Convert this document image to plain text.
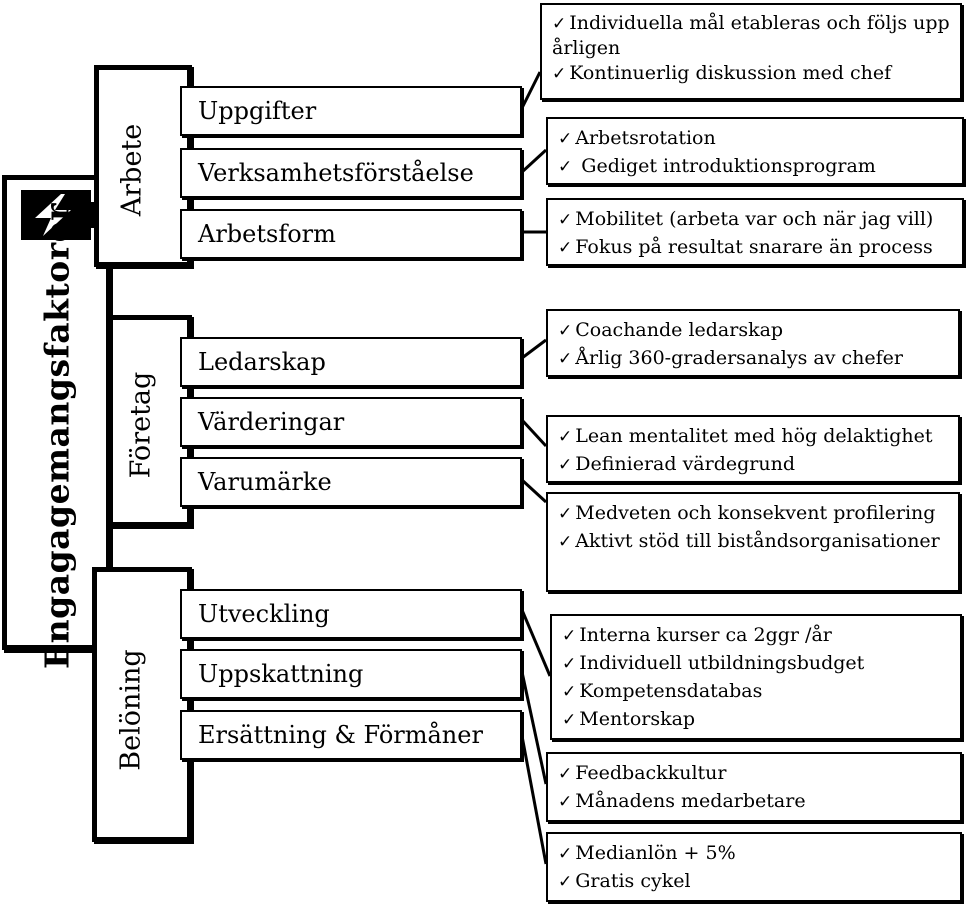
Engagagemangsfaktorer
Arbete
Företag
Belöning
Uppgifter
Verksamhetsförståelse
Arbetsform
Ledarskap
Värderingar
Varumärke
Utveckling
Uppskattning
Ersättning & Förmåner
✓ Individuella mål etableras och följs upp årligen
✓ Kontinuerlig diskussion med chef
✓ Arbetsrotation
✓ Gediget introduktionsprogram
✓ Mobilitet (arbeta var och när jag vill)
✓ Fokus på resultat snarare än process
✓ Coachande ledarskap
✓ Årlig 360-gradersanalys av chefer
✓ Lean mentalitet med hög delaktighet
✓ Definierad värdegrund
✓ Medveten och konsekvent profilering
✓ Aktivt stöd till biståndsorganisationer
✓ Interna kurser ca 2ggr /år
✓ Individuell utbildningsbudget
✓ Kompetensdatabas
✓ Mentorskap
✓ Feedbackkultur
✓ Månadens medarbetare
✓ Medianlön + 5%
✓ Gratis cykel
